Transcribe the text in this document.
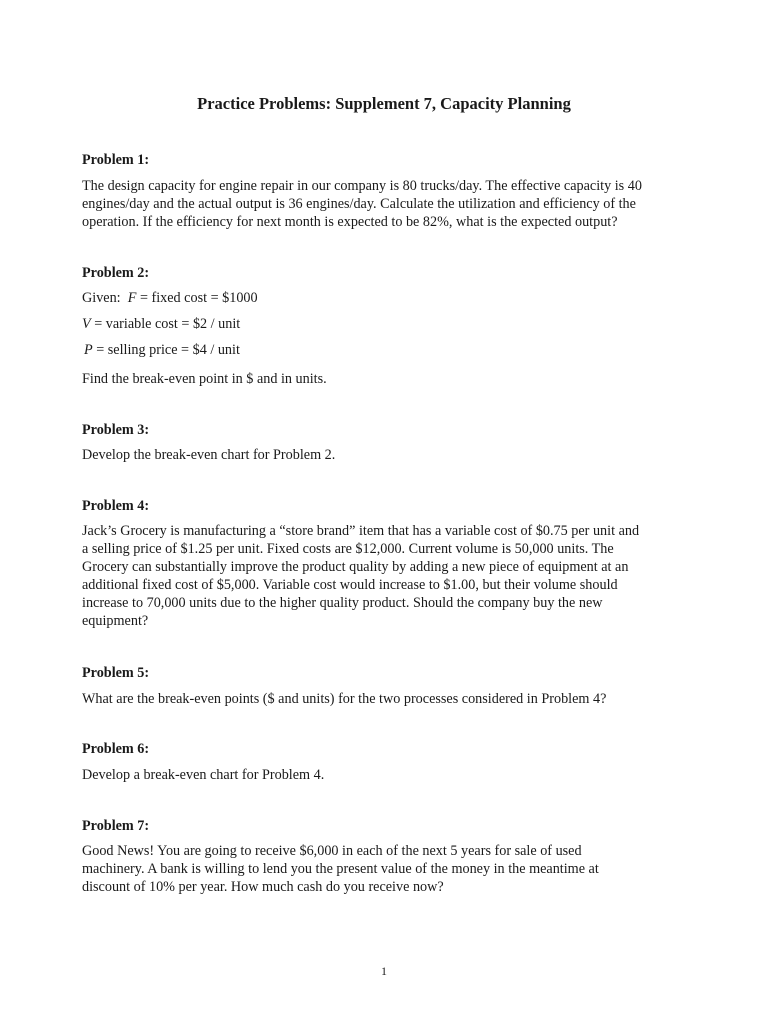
Practice Problems: Supplement 7, Capacity Planning
Problem 1:
The design capacity for engine repair in our company is 80 trucks/day. The effective capacity is 40
engines/day and the actual output is 36 engines/day. Calculate the utilization and efficiency of the
operation. If the efficiency for next month is expected to be 82%, what is the expected output?
Problem 2:
Given: F = fixed cost = $1000
V = variable cost = $2 / unit
P = selling price = $4 / unit
Find the break-even point in $ and in units.
Problem 3:
Develop the break-even chart for Problem 2.
Problem 4:
Jack’s Grocery is manufacturing a “store brand” item that has a variable cost of $0.75 per unit and
a selling price of $1.25 per unit. Fixed costs are $12,000. Current volume is 50,000 units. The
Grocery can substantially improve the product quality by adding a new piece of equipment at an
additional fixed cost of $5,000. Variable cost would increase to $1.00, but their volume should
increase to 70,000 units due to the higher quality product. Should the company buy the new
equipment?
Problem 5:
What are the break-even points ($ and units) for the two processes considered in Problem 4?
Problem 6:
Develop a break-even chart for Problem 4.
Problem 7:
Good News! You are going to receive $6,000 in each of the next 5 years for sale of used
machinery. A bank is willing to lend you the present value of the money in the meantime at
discount of 10% per year. How much cash do you receive now?
1
